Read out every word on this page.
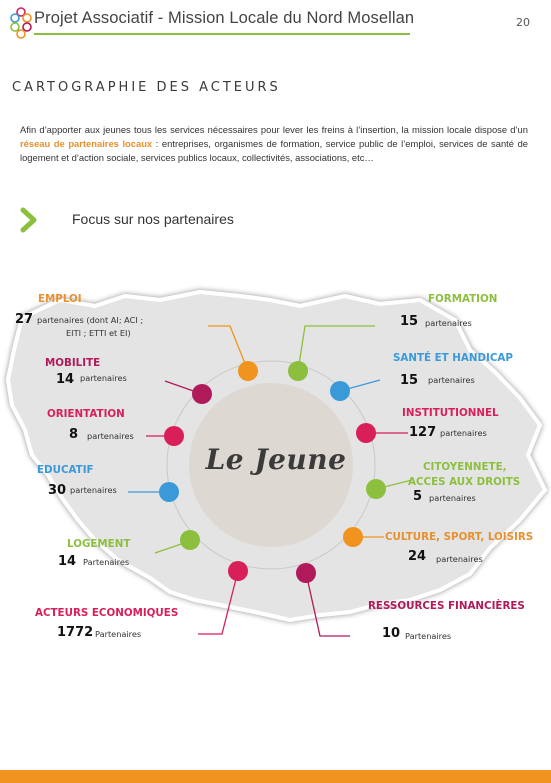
Projet Associatif - Mission Locale du Nord Mosellan	20
CARTOGRAPHIE DES ACTEURS
Afin d’apporter aux jeunes tous les services nécessaires pour lever les freins à l’insertion, la mission locale dispose d’un réseau de partenaires locaux : entreprises, organismes de formation, service public de l’emploi, services de santé de logement et d’action sociale, services publics locaux, collectivités, associations, etc…
Focus sur nos partenaires
Le Jeune
EMPLOI
27 partenaires (dont AI; ACI ;
EITI ; ETTI et EI)
FORMATION
15 partenaires
MOBILITE
14 partenaires
SANTÉ ET HANDICAP
15 partenaires
ORIENTATION
8 partenaires
INSTITUTIONNEL
127 partenaires
EDUCATIF
30 partenaires
CITOYENNETE,
ACCES AUX DROITS
5 partenaires
LOGEMENT
14 Partenaires
CULTURE, SPORT, LOISIRS
24 partenaires
ACTEURS ECONOMIQUES
1772 Partenaires
RESSOURCES FINANCIÈRES
10 Partenaires
